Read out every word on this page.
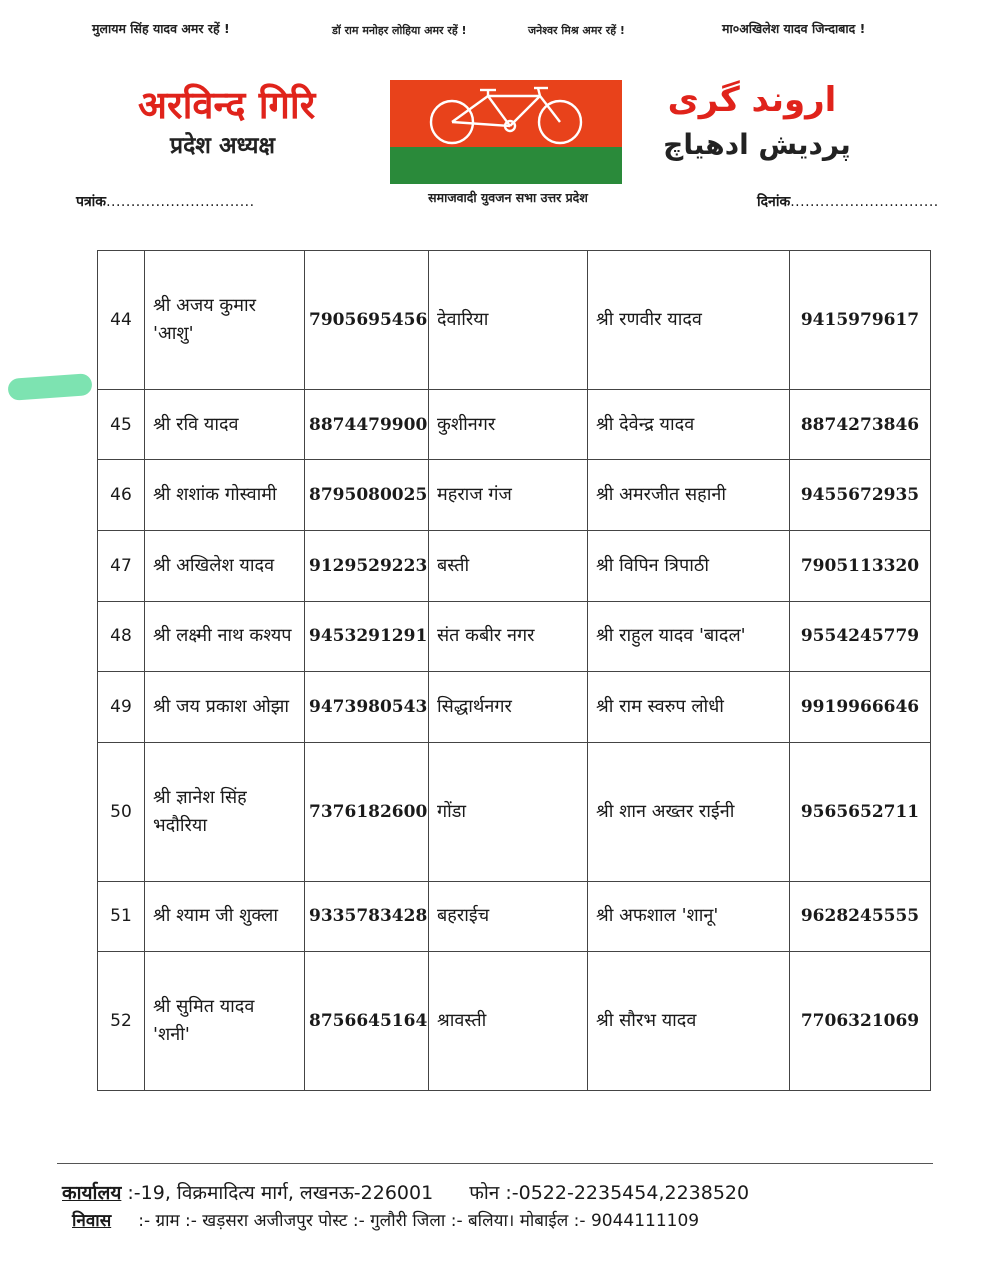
मुलायम सिंह यादव अमर रहें !	डॉ राम मनोहर लोहिया अमर रहें !	जनेश्वर मिश्र अमर रहें !	मा०अखिलेश यादव जिन्दाबाद !
अरविन्द गिरि
प्रदेश अध्यक्ष
اروند گری
پردیش ادھیاچ
समाजवादी युवजन सभा उत्तर प्रदेश
पत्रांक..............................	दिनांक..............................
44	श्री अजय कुमार 'आशु'	7905695456	देवारिया	श्री रणवीर यादव	9415979617
45	श्री रवि यादव	8874479900	कुशीनगर	श्री देवेन्द्र यादव	8874273846
46	श्री शशांक गोस्वामी	8795080025	महराज गंज	श्री अमरजीत सहानी	9455672935
47	श्री अखिलेश यादव	9129529223	बस्ती	श्री विपिन त्रिपाठी	7905113320
48	श्री लक्ष्मी नाथ कश्यप	9453291291	संत कबीर नगर	श्री राहुल यादव 'बादल'	9554245779
49	श्री जय प्रकाश ओझा	9473980543	सिद्धार्थनगर	श्री राम स्वरुप लोधी	9919966646
50	श्री ज्ञानेश सिंह भदौरिया	7376182600	गोंडा	श्री शान अख्तर राईनी	9565652711
51	श्री श्याम जी शुक्ला	9335783428	बहराईच	श्री अफशाल 'शानू'	9628245555
52	श्री सुमित यादव 'शनी'	8756645164	श्रावस्ती	श्री सौरभ यादव	7706321069
कार्यालय :-19, विक्रमादित्य मार्ग, लखनऊ-226001 फोन :-0522-2235454,2238520
निवास :- ग्राम :- खड़सरा अजीजपुर पोस्ट :- गुलौरी जिला :- बलिया। मोबाईल :- 9044111109
